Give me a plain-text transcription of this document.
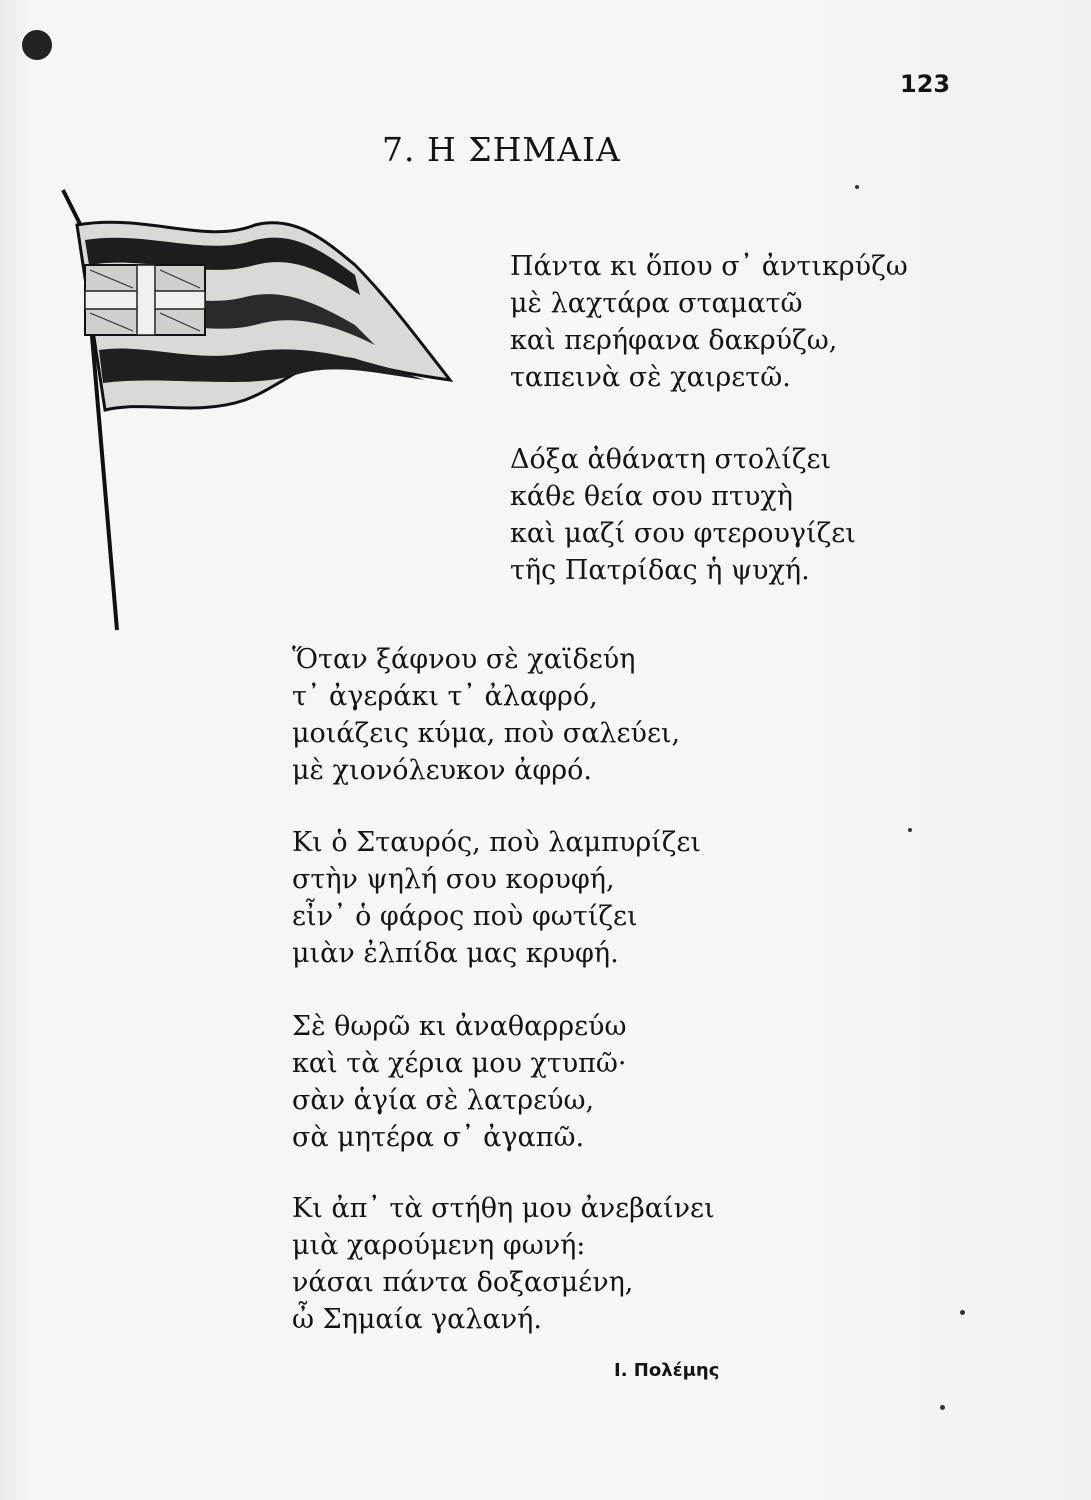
123
7. Η ΣΗΜΑΙΑ
Πάντα κι ὅπου σ᾽ ἀντικρύζω
μὲ λαχτάρα σταματῶ
καὶ περήφανα δακρύζω,
ταπεινὰ σὲ χαιρετῶ.
Δόξα ἀθάνατη στολίζει
κάθε θεία σου πτυχὴ
καὶ μαζί σου φτερουγίζει
τῆς Πατρίδας ἡ ψυχή.
Ὅταν ξάφνου σὲ χαϊδεύη
τ᾽ ἀγεράκι τ᾽ ἀλαφρό,
μοιάζεις κύμα, ποὺ σαλεύει,
μὲ χιονόλευκον ἀφρό.
Κι ὁ Σταυρός, ποὺ λαμπυρίζει
στὴν ψηλή σου κορυφή,
εἶν᾽ ὁ φάρος ποὺ φωτίζει
μιὰν ἐλπίδα μας κρυφή.
Σὲ θωρῶ κι ἀναθαρρεύω
καὶ τὰ χέρια μου χτυπῶ·
σὰν ἁγία σὲ λατρεύω,
σὰ μητέρα σ᾽ ἀγαπῶ.
Κι ἀπ᾽ τὰ στήθη μου ἀνεβαίνει
μιὰ χαρούμενη φωνή:
νάσαι πάντα δοξασμένη,
ὦ Σημαία γαλανή.
Ι. Πολέμης
